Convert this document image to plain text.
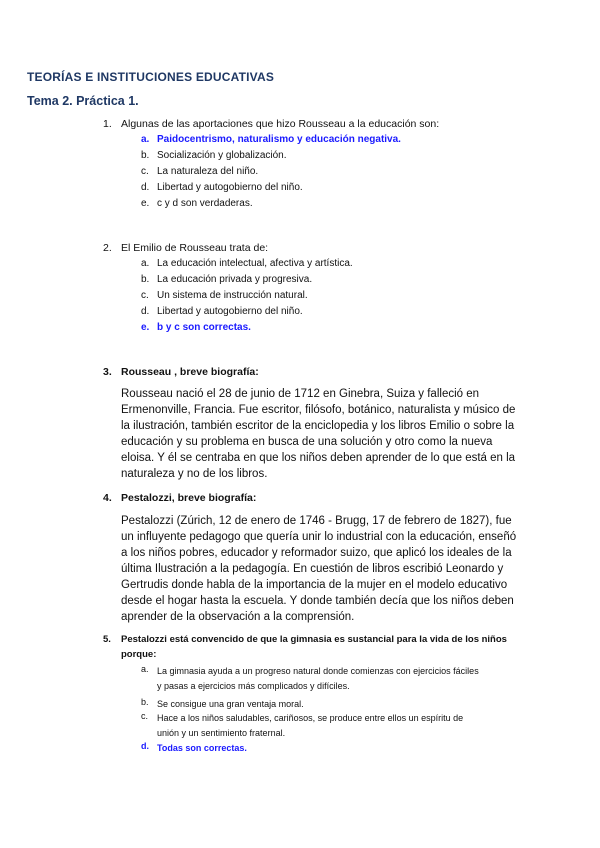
TEORÍAS E INSTITUCIONES EDUCATIVAS
Tema 2. Práctica 1.
1. Algunas de las aportaciones que hizo Rousseau a la educación son:
a. Paidocentrismo, naturalismo y educación negativa.
b. Socialización y globalización.
c. La naturaleza del niño.
d. Libertad y autogobierno del niño.
e. c y d son verdaderas.
2. El Emilio de Rousseau trata de:
a. La educación intelectual, afectiva y artística.
b. La educación privada y progresiva.
c. Un sistema de instrucción natural.
d. Libertad y autogobierno del niño.
e. b y c son correctas.
3. Rousseau , breve biografía:
Rousseau nació el 28 de junio de 1712 en Ginebra, Suiza y falleció en
Ermenonville, Francia. Fue escritor, filósofo, botánico, naturalista y músico de
la ilustración, también escritor de la enciclopedia y los libros Emilio o sobre la
educación y su problema en busca de una solución y otro como la nueva
eloisa. Y él se centraba en que los niños deben aprender de lo que está en la
naturaleza y no de los libros.
4. Pestalozzi, breve biografía:
Pestalozzi (Zúrich, 12 de enero de 1746 - Brugg, 17 de febrero de 1827), fue
un influyente pedagogo que quería unir lo industrial con la educación, enseñó
a los niños pobres, educador y reformador suizo, que aplicó los ideales de la
última Ilustración a la pedagogía. En cuestión de libros escribió Leonardo y
Gertrudis donde habla de la importancia de la mujer en el modelo educativo
desde el hogar hasta la escuela. Y donde también decía que los niños deben
aprender de la observación a la comprensión.
5. Pestalozzi está convencido de que la gimnasia es sustancial para la vida de los niños
porque:
a. La gimnasia ayuda a un progreso natural donde comienzas con ejercicios fáciles
y pasas a ejercicios más complicados y difíciles.
b. Se consigue una gran ventaja moral.
c. Hace a los niños saludables, cariñosos, se produce entre ellos un espíritu de
unión y un sentimiento fraternal.
d. Todas son correctas.
